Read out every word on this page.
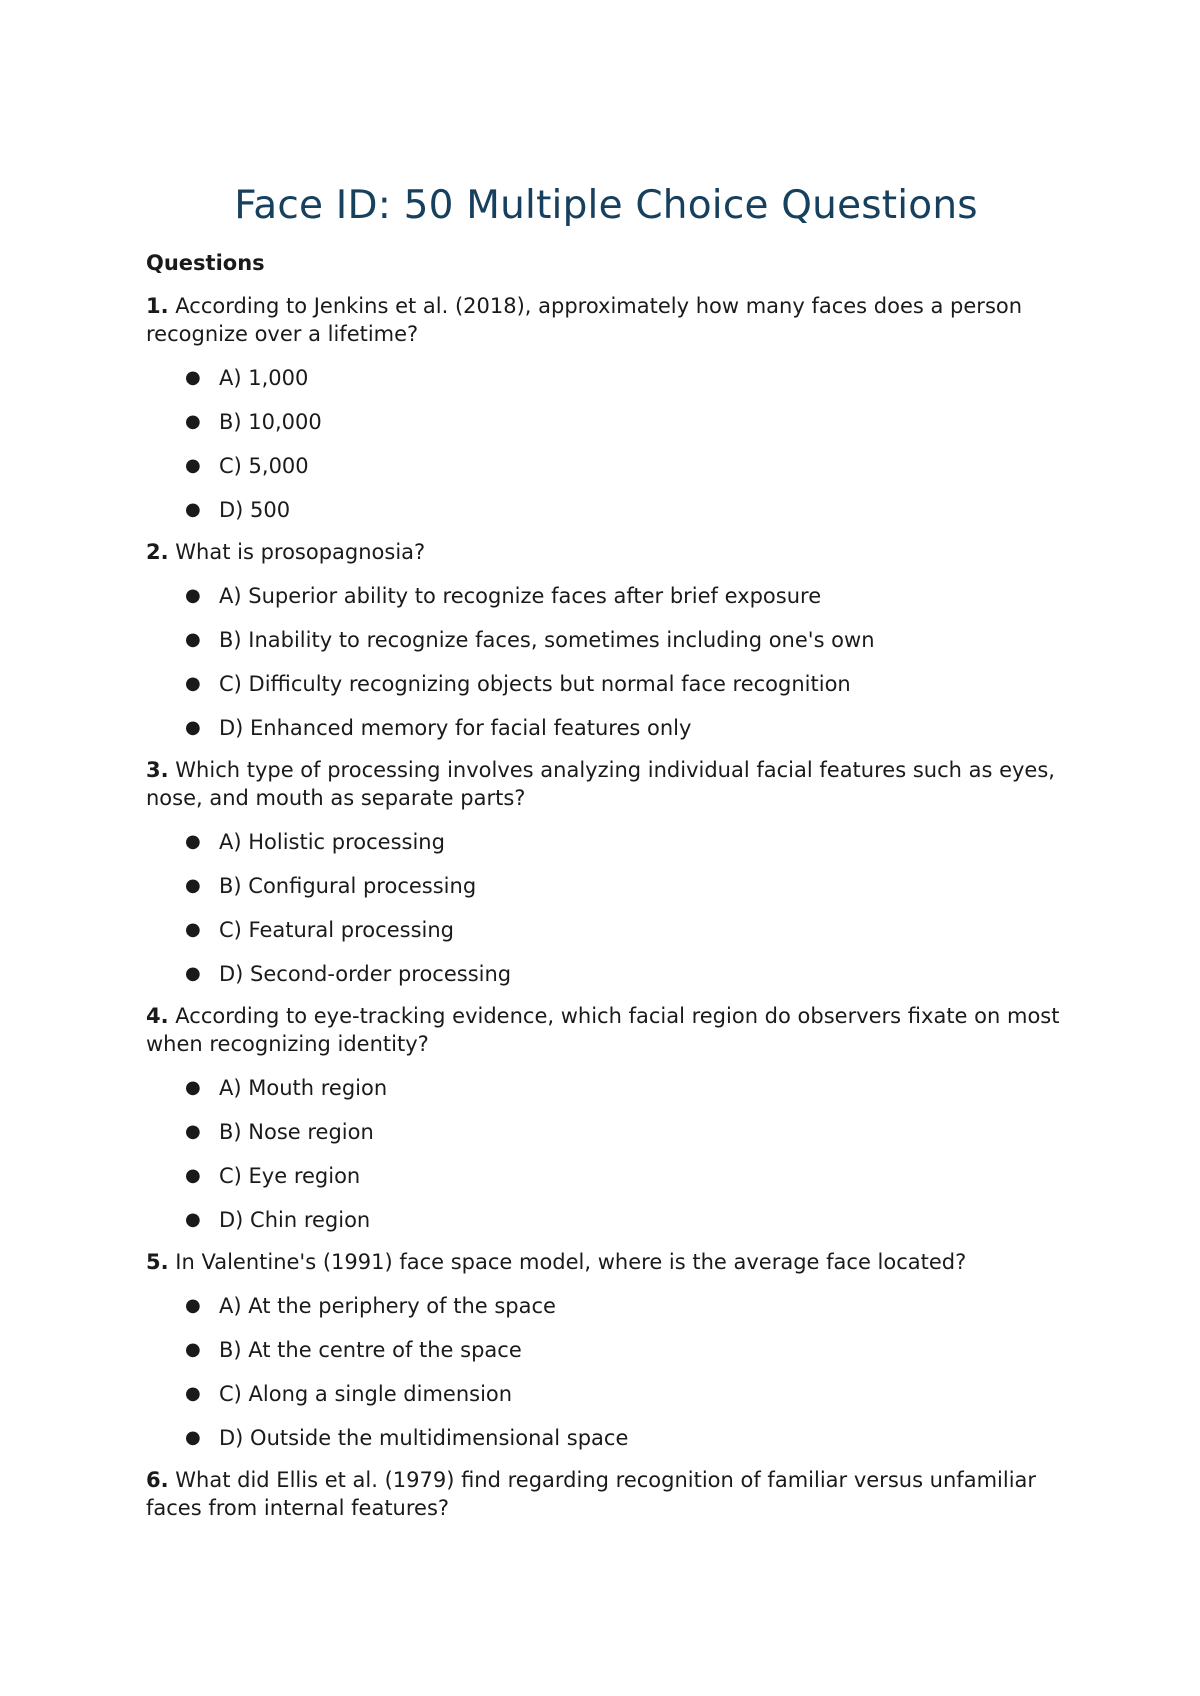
Face ID: 50 Multiple Choice Questions
Questions

1. According to Jenkins et al. (2018), approximately how many faces does a person recognize over a lifetime?

● A) 1,000
● B) 10,000
● C) 5,000
● D) 500

2. What is prosopagnosia?

● A) Superior ability to recognize faces after brief exposure
● B) Inability to recognize faces, sometimes including one's own
● C) Difficulty recognizing objects but normal face recognition
● D) Enhanced memory for facial features only

3. Which type of processing involves analyzing individual facial features such as eyes, nose, and mouth as separate parts?

● A) Holistic processing
● B) Configural processing
● C) Featural processing
● D) Second-order processing

4. According to eye-tracking evidence, which facial region do observers fixate on most when recognizing identity?

● A) Mouth region
● B) Nose region
● C) Eye region
● D) Chin region

5. In Valentine's (1991) face space model, where is the average face located?

● A) At the periphery of the space
● B) At the centre of the space
● C) Along a single dimension
● D) Outside the multidimensional space

6. What did Ellis et al. (1979) find regarding recognition of familiar versus unfamiliar faces from internal features?
